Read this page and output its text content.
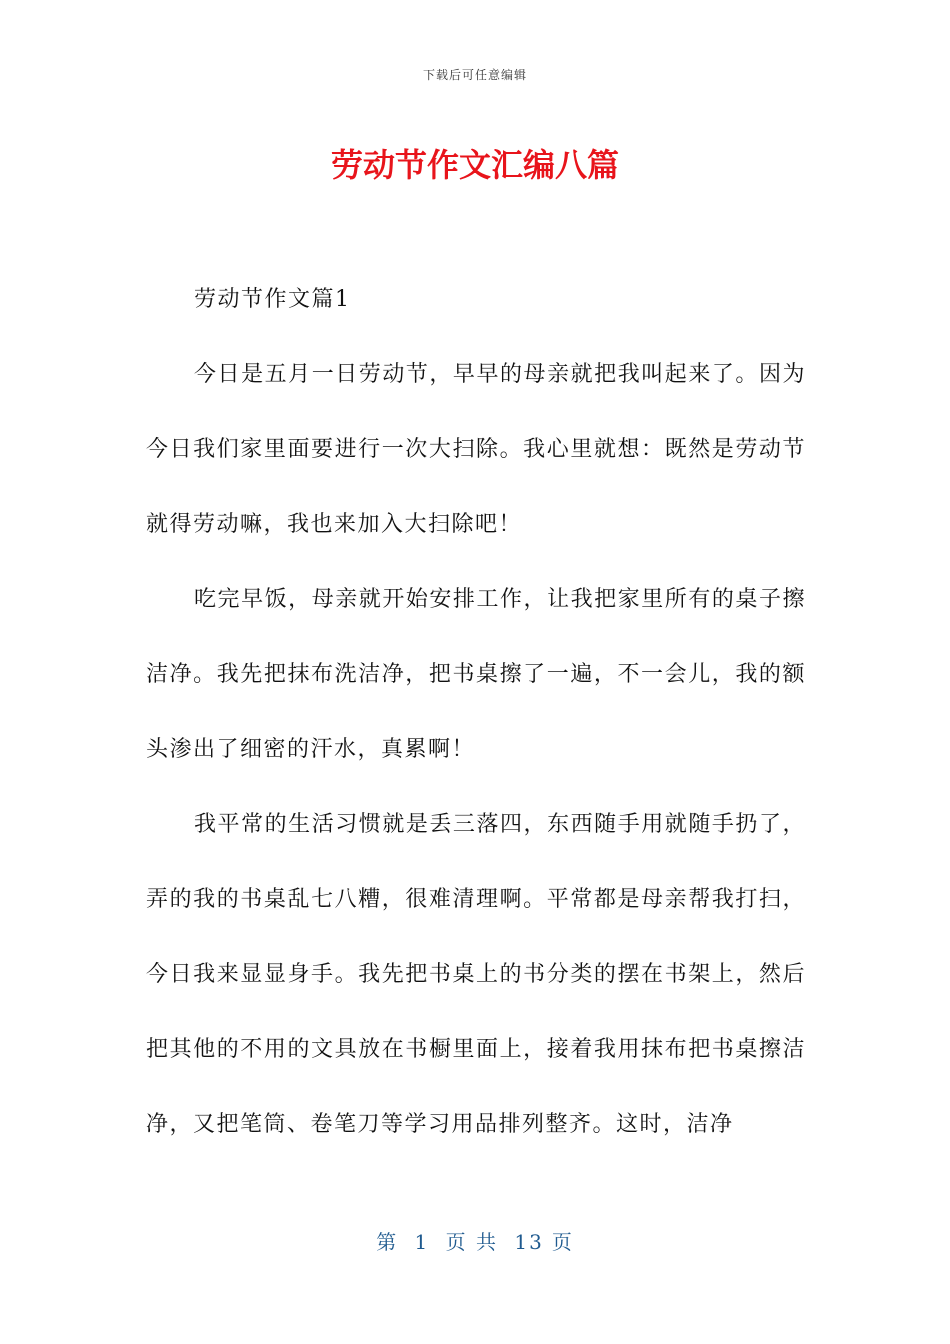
下载后可任意编辑
劳动节作文汇编八篇

劳动节作文篇1

今日是五月一日劳动节，早早的母亲就把我叫起来了。因为今日我们家里面要进行一次大扫除。我心里就想：既然是劳动节就得劳动嘛，我也来加入大扫除吧！

吃完早饭，母亲就开始安排工作，让我把家里所有的桌子擦洁净。我先把抹布洗洁净，把书桌擦了一遍，不一会儿，我的额头渗出了细密的汗水，真累啊！

我平常的生活习惯就是丢三落四，东西随手用就随手扔了，弄的我的书桌乱七八糟，很难清理啊。平常都是母亲帮我打扫，今日我来显显身手。我先把书桌上的书分类的摆在书架上，然后把其他的不用的文具放在书橱里面上，接着我用抹布把书桌擦洁净，又把笔筒、卷笔刀等学习用品排列整齐。这时，洁净

第 1 页 共 13 页
